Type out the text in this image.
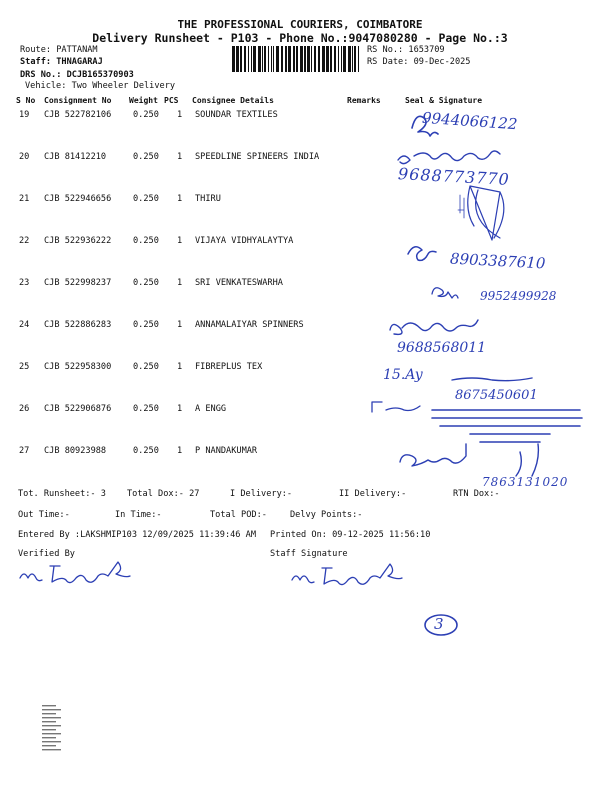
THE PROFESSIONAL COURIERS, COIMBATORE
Delivery Runsheet - P103 - Phone No.:9047080280 - Page No.:3
Route: PATTANAM
Staff: THNAGARAJ
DRS No.: DCJB165370903
Vehicle: Two Wheeler Delivery
RS No.: 1653709
RS Date: 09-Dec-2025
S No Consignment No Weight PCS Consignee Details	Remarks	Seal & Signature
19 CJB 522782106	0.250 1 SOUNDAR TEXTILES
20 CJB 81412210	0.250 1 SPEEDLINE SPINEERS INDIA
21 CJB 522946656	0.250 1 THIRU
22 CJB 522936222	0.250 1 VIJAYA VIDHYALAYTYA
23 CJB 522998237	0.250 1 SRI VENKATESWARHA
24 CJB 522886283	0.250 1 ANNAMALAIYAR SPINNERS
25 CJB 522958300	0.250 1 FIBREPLUS TEX
26 CJB 522906876	0.250 1 A ENGG
27 CJB 80923988	0.250 1 P NANDAKUMAR
Tot. Runsheet:- 3 Total Dox:- 27	I Delivery:-	II Delivery:-	RTN Dox:-
Out Time:-	In Time:-	Total POD:-	Delvy Points:-
Entered By :LAKSHMIP103 12/09/2025 11:39:46 AM Printed On: 09-12-2025 11:56:10
Verified By	Staff Signature
9944066122
9688773770
8903387610
9952499928
9688568011
15.Ay
8675450601
7863131020
3
